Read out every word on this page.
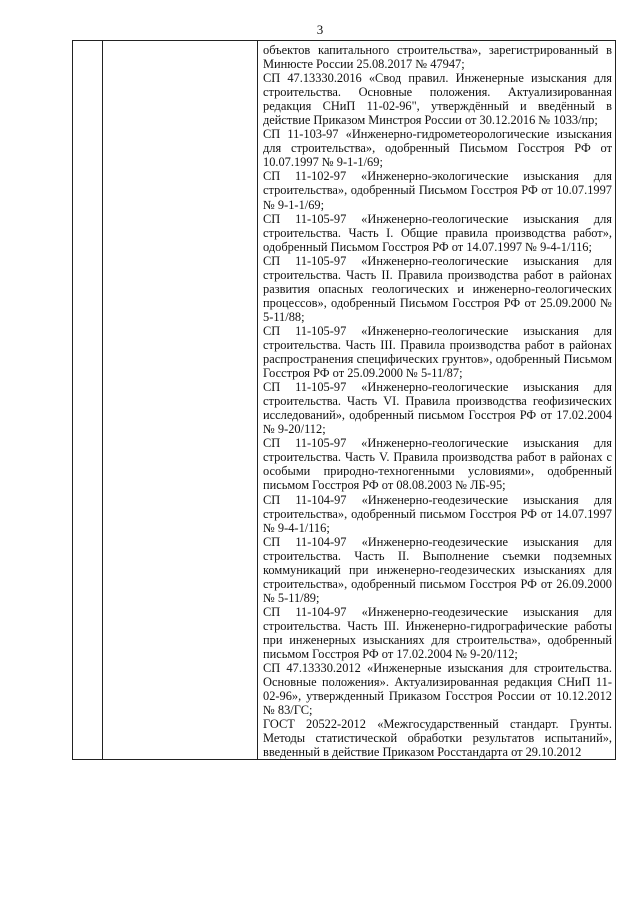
3

объектов капитального строительства», зарегистрированный в Минюсте России 25.08.2017 № 47947;

СП 47.13330.2016 «Свод правил. Инженерные изыскания для строительства. Основные положения. Актуализированная редакция СНиП 11-02-96", утверждённый и введённый в действие Приказом Минстроя России от 30.12.2016 № 1033/пр;

СП 11-103-97 «Инженерно-гидрометеорологические изыскания для строительства», одобренный Письмом Госстроя РФ от 10.07.1997 № 9-1-1/69;

СП 11-102-97 «Инженерно-экологические изыскания для строительства», одобренный Письмом Госстроя РФ от 10.07.1997 № 9-1-1/69;

СП 11-105-97 «Инженерно-геологические изыскания для строительства. Часть I. Общие правила производства работ», одобренный Письмом Госстроя РФ от 14.07.1997 № 9-4-1/116;

СП 11-105-97 «Инженерно-геологические изыскания для строительства. Часть II. Правила производства работ в районах развития опасных геологических и инженерно-геологических процессов», одобренный Письмом Госстроя РФ от 25.09.2000 № 5-11/88;

СП 11-105-97 «Инженерно-геологические изыскания для строительства. Часть III. Правила производства работ в районах распространения специфических грунтов», одобренный Письмом Госстроя РФ от 25.09.2000 № 5-11/87;

СП 11-105-97 «Инженерно-геологические изыскания для строительства. Часть VI. Правила производства геофизических исследований», одобренный письмом Госстроя РФ от 17.02.2004 № 9-20/112;

СП 11-105-97 «Инженерно-геологические изыскания для строительства. Часть V. Правила производства работ в районах с особыми природно-техногенными условиями», одобренный письмом Госстроя РФ от 08.08.2003 № ЛБ-95;

СП 11-104-97 «Инженерно-геодезические изыскания для строительства», одобренный письмом Госстроя РФ от 14.07.1997 № 9-4-1/116;

СП 11-104-97 «Инженерно-геодезические изыскания для строительства. Часть II. Выполнение съемки подземных коммуникаций при инженерно-геодезических изысканиях для строительства», одобренный письмом Госстроя РФ от 26.09.2000 № 5-11/89;

СП 11-104-97 «Инженерно-геодезические изыскания для строительства. Часть III. Инженерно-гидрографические работы при инженерных изысканиях для строительства», одобренный письмом Госстроя РФ от 17.02.2004 № 9-20/112;

СП 47.13330.2012 «Инженерные изыскания для строительства. Основные положения». Актуализированная редакция СНиП 11-02-96», утвержденный Приказом Госстроя России от 10.12.2012 № 83/ГС;

ГОСТ 20522-2012 «Межгосударственный стандарт. Грунты. Методы статистической обработки результатов испытаний», введенный в действие Приказом Росстандарта от 29.10.2012
